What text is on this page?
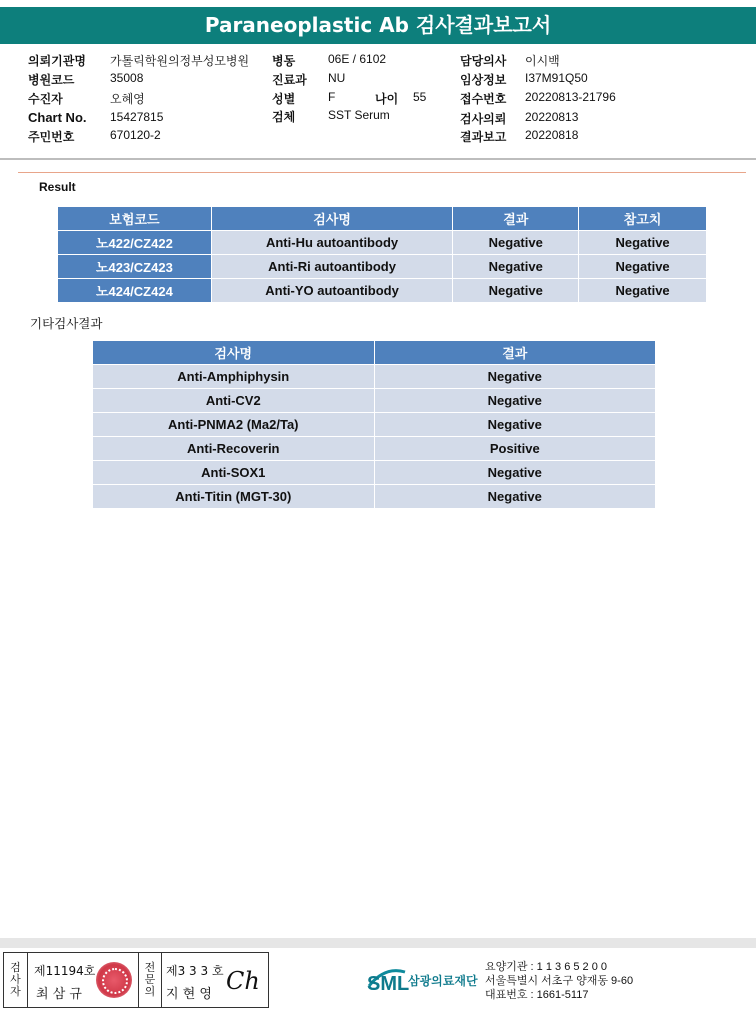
Paraneoplastic Ab 검사결과보고서
의뢰기관명 가톨릭학원의정부성모병원
병원코드	35008
수진자	오혜영
Chart No. 15427815
주민번호	670120-2
병동	06E / 6102
진료과 NU
성별	F	나이 55
검체	SST Serum
담당의사 이시백
임상정보 I37M91Q50
접수번호 20220813-21796
검사의뢰 20220813
결과보고 20220818
Result
보험코드	검사명	결과	참고치
노422/CZ422	Anti-Hu autoantibody	Negative	Negative
노423/CZ423	Anti-Ri autoantibody	Negative	Negative
노424/CZ424	Anti-YO autoantibody	Negative	Negative
기타검사결과
검사명	결과
Anti-Amphiphysin	Negative
Anti-CV2	Negative
Anti-PNMA2 (Ma2/Ta)	Negative
Anti-Recoverin	Positive
Anti-SOX1	Negative
Anti-Titin (MGT-30)	Negative
검
사
자
제11194호
최 삼 규
전
문
의
제3 3 3 호
지 현 영 Ch	SML
삼광의료재단
요양기관 : 1 1 3 6 5 2 0 0
서울특별시 서초구 양재동 9-60
대표번호 : 1661-5117
